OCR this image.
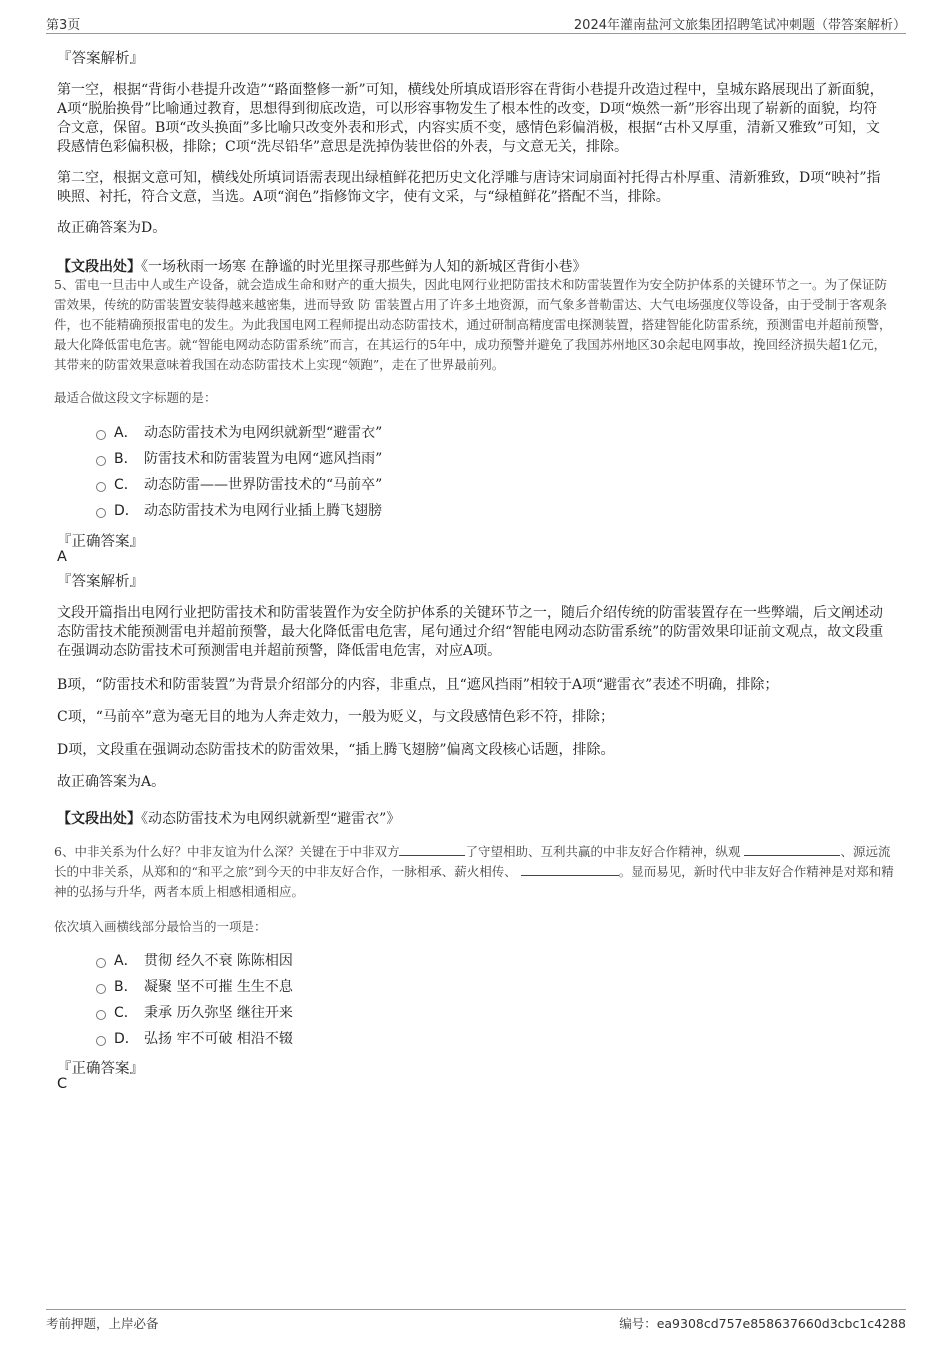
第3页	2024年灌南盐河文旅集团招聘笔试冲刺题（带答案解析）
『答案解析』
第一空，根据“背街小巷提升改造”“路面整修一新”可知，横线处所填成语形容在背街小巷提升改造过程中，皇城东路展现出了新面貌，A项“脱胎换骨”比喻通过教育，思想得到彻底改造，可以形容事物发生了根本性的改变，D项“焕然一新”形容出现了崭新的面貌，均符合文意，保留。B项“改头换面”多比喻只改变外表和形式，内容实质不变，感情色彩偏消极，根据“古朴又厚重，清新又雅致”可知，文段感情色彩偏积极，排除；C项“洗尽铅华”意思是洗掉伪装世俗的外表，与文意无关，排除。
第二空，根据文意可知，横线处所填词语需表现出绿植鲜花把历史文化浮雕与唐诗宋词扇面衬托得古朴厚重、清新雅致，D项“映衬”指映照、衬托，符合文意，当选。A项“润色”指修饰文字，使有文采，与“绿植鲜花”搭配不当，排除。
故正确答案为D。
【文段出处】《一场秋雨一场寒 在静谧的时光里探寻那些鲜为人知的新城区背街小巷》
5、雷电一旦击中人或生产设备，就会造成生命和财产的重大损失，因此电网行业把防雷技术和防雷装置作为安全防护体系的关键环节之一。为了保证防雷效果，传统的防雷装置安装得越来越密集，进而导致 防 雷装置占用了许多土地资源，而气象多普勒雷达、大气电场强度仪等设备，由于受制于客观条件，也不能精确预报雷电的发生。为此我国电网工程师提出动态防雷技术，通过研制高精度雷电探测装置，搭建智能化防雷系统，预测雷电并超前预警，最大化降低雷电危害。就“智能电网动态防雷系统”而言，在其运行的5年中，成功预警并避免了我国苏州地区30余起电网事故，挽回经济损失超1亿元，其带来的防雷效果意味着我国在动态防雷技术上实现“领跑”，走在了世界最前列。
最适合做这段文字标题的是：
A． 动态防雷技术为电网织就新型“避雷衣”
B． 防雷技术和防雷装置为电网“遮风挡雨”
C． 动态防雷——世界防雷技术的“马前卒”
D． 动态防雷技术为电网行业插上腾飞翅膀
『正确答案』
A
『答案解析』
文段开篇指出电网行业把防雷技术和防雷装置作为安全防护体系的关键环节之一，随后介绍传统的防雷装置存在一些弊端，后文阐述动态防雷技术能预测雷电并超前预警，最大化降低雷电危害，尾句通过介绍“智能电网动态防雷系统”的防雷效果印证前文观点，故文段重在强调动态防雷技术可预测雷电并超前预警，降低雷电危害，对应A项。
B项，“防雷技术和防雷装置”为背景介绍部分的内容，非重点，且“遮风挡雨”相较于A项“避雷衣”表述不明确，排除；
C项，“马前卒”意为毫无目的地为人奔走效力，一般为贬义，与文段感情色彩不符，排除；
D项，文段重在强调动态防雷技术的防雷效果，“插上腾飞翅膀”偏离文段核心话题，排除。
故正确答案为A。
【文段出处】《动态防雷技术为电网织就新型“避雷衣”》
6、中非关系为什么好？中非友谊为什么深？关键在于中非双方	了守望相助、互利共赢的中非友好合作精神，纵观	、源远流长的中非关系，从郑和的“和平之旅”到今天的中非友好合作，一脉相承、薪火相传、	。显而易见，新时代中非友好合作精神是对郑和精神的弘扬与升华，两者本质上相感相通相应。
依次填入画横线部分最恰当的一项是：
A． 贯彻 经久不衰 陈陈相因
B． 凝聚 坚不可摧 生生不息
C． 秉承 历久弥坚 继往开来
D． 弘扬 牢不可破 相沿不辍
『正确答案』
C
考前押题，上岸必备	编号：ea9308cd757e858637660d3cbc1c4288
